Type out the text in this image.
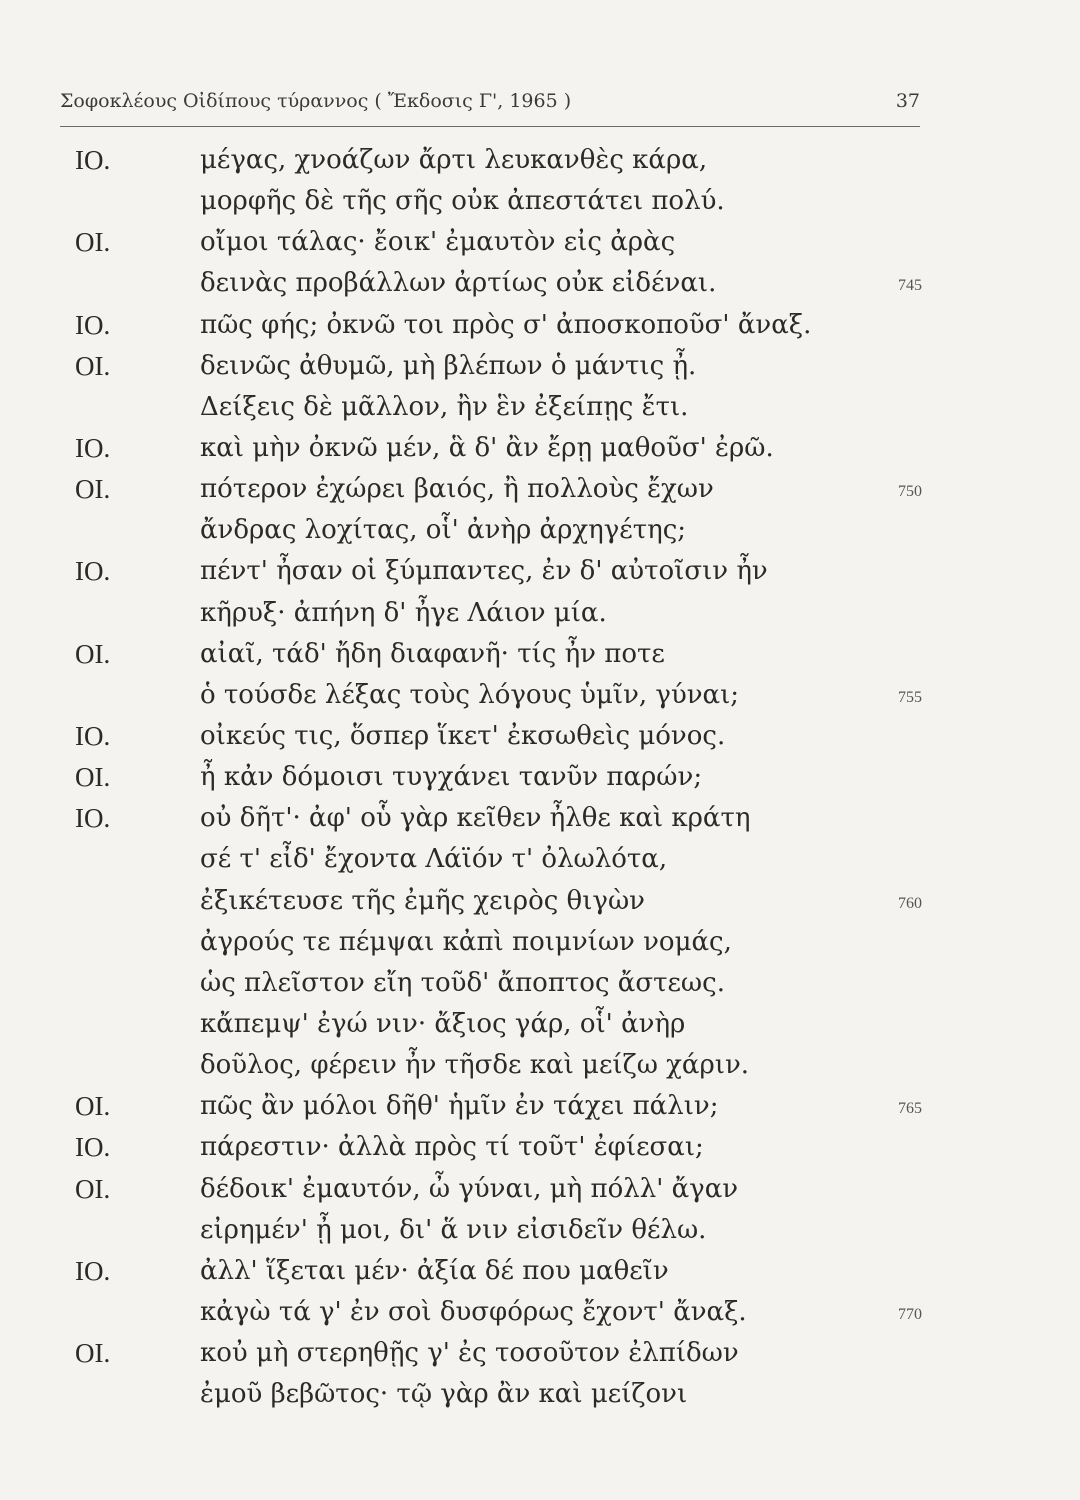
Σοφοκλέους Οἰδίπους τύραννος ( Ἔκδοσις Γ', 1965 )	37
ΙΟ.	μέγας, χνοάζων ἄρτι λευκανθὲς κάρα,
μορφῆς δὲ τῆς σῆς οὐκ ἀπεστάτει πολύ.
ΟΙ.	οἴμοι τάλας· ἔοικ' ἐμαυτὸν εἰς ἀρὰς
δεινὰς προβάλλων ἀρτίως οὐκ εἰδέναι.	745
ΙΟ.	πῶς φής; ὀκνῶ τοι πρὸς σ' ἀποσκοποῦσ' ἄναξ.
ΟΙ.	δεινῶς ἀθυμῶ, μὴ βλέπων ὁ μάντις ᾖ.
Δείξεις δὲ μᾶλλον, ἢν ἓν ἐξείπῃς ἔτι.
ΙΟ.	καὶ μὴν ὀκνῶ μέν, ἃ δ' ἂν ἔρῃ μαθοῦσ' ἐρῶ.
ΟΙ.	πότερον ἐχώρει βαιός, ἢ πολλοὺς ἔχων	750
ἄνδρας λοχίτας, οἷ' ἀνὴρ ἀρχηγέτης;
ΙΟ.	πέντ' ἦσαν οἱ ξύμπαντες, ἐν δ' αὐτοῖσιν ἦν
κῆρυξ· ἀπήνη δ' ἦγε Λάιον μία.
ΟΙ.	αἰαῖ, τάδ' ἤδη διαφανῆ· τίς ἦν ποτε
ὁ τούσδε λέξας τοὺς λόγους ὑμῖν, γύναι;	755
ΙΟ.	οἰκεύς τις, ὅσπερ ἵκετ' ἐκσωθεὶς μόνος.
ΟΙ.	ἦ κἀν δόμοισι τυγχάνει τανῦν παρών;
ΙΟ.	οὐ δῆτ'· ἀφ' οὗ γὰρ κεῖθεν ἦλθε καὶ κράτη
σέ τ' εἶδ' ἔχοντα Λάϊόν τ' ὀλωλότα,
ἐξικέτευσε τῆς ἐμῆς χειρὸς θιγὼν	760
ἀγρούς τε πέμψαι κἀπὶ ποιμνίων νομάς,
ὡς πλεῖστον εἴη τοῦδ' ἄποπτος ἄστεως.
κἄπεμψ' ἐγώ νιν· ἄξιος γάρ, οἷ' ἀνὴρ
δοῦλος, φέρειν ἦν τῆσδε καὶ μείζω χάριν.
ΟΙ.	πῶς ἂν μόλοι δῆθ' ἡμῖν ἐν τάχει πάλιν;	765
ΙΟ.	πάρεστιν· ἀλλὰ πρὸς τί τοῦτ' ἐφίεσαι;
ΟΙ.	δέδοικ' ἐμαυτόν, ὦ γύναι, μὴ πόλλ' ἄγαν
εἰρημέν' ᾖ μοι, δι' ἅ νιν εἰσιδεῖν θέλω.
ΙΟ.	ἀλλ' ἵξεται μέν· ἀξία δέ που μαθεῖν
κἀγὼ τά γ' ἐν σοὶ δυσφόρως ἔχοντ' ἄναξ.	770
ΟΙ.	κοὐ μὴ στερηθῇς γ' ἐς τοσοῦτον ἐλπίδων
ἐμοῦ βεβῶτος· τῷ γὰρ ἂν καὶ μείζονι
